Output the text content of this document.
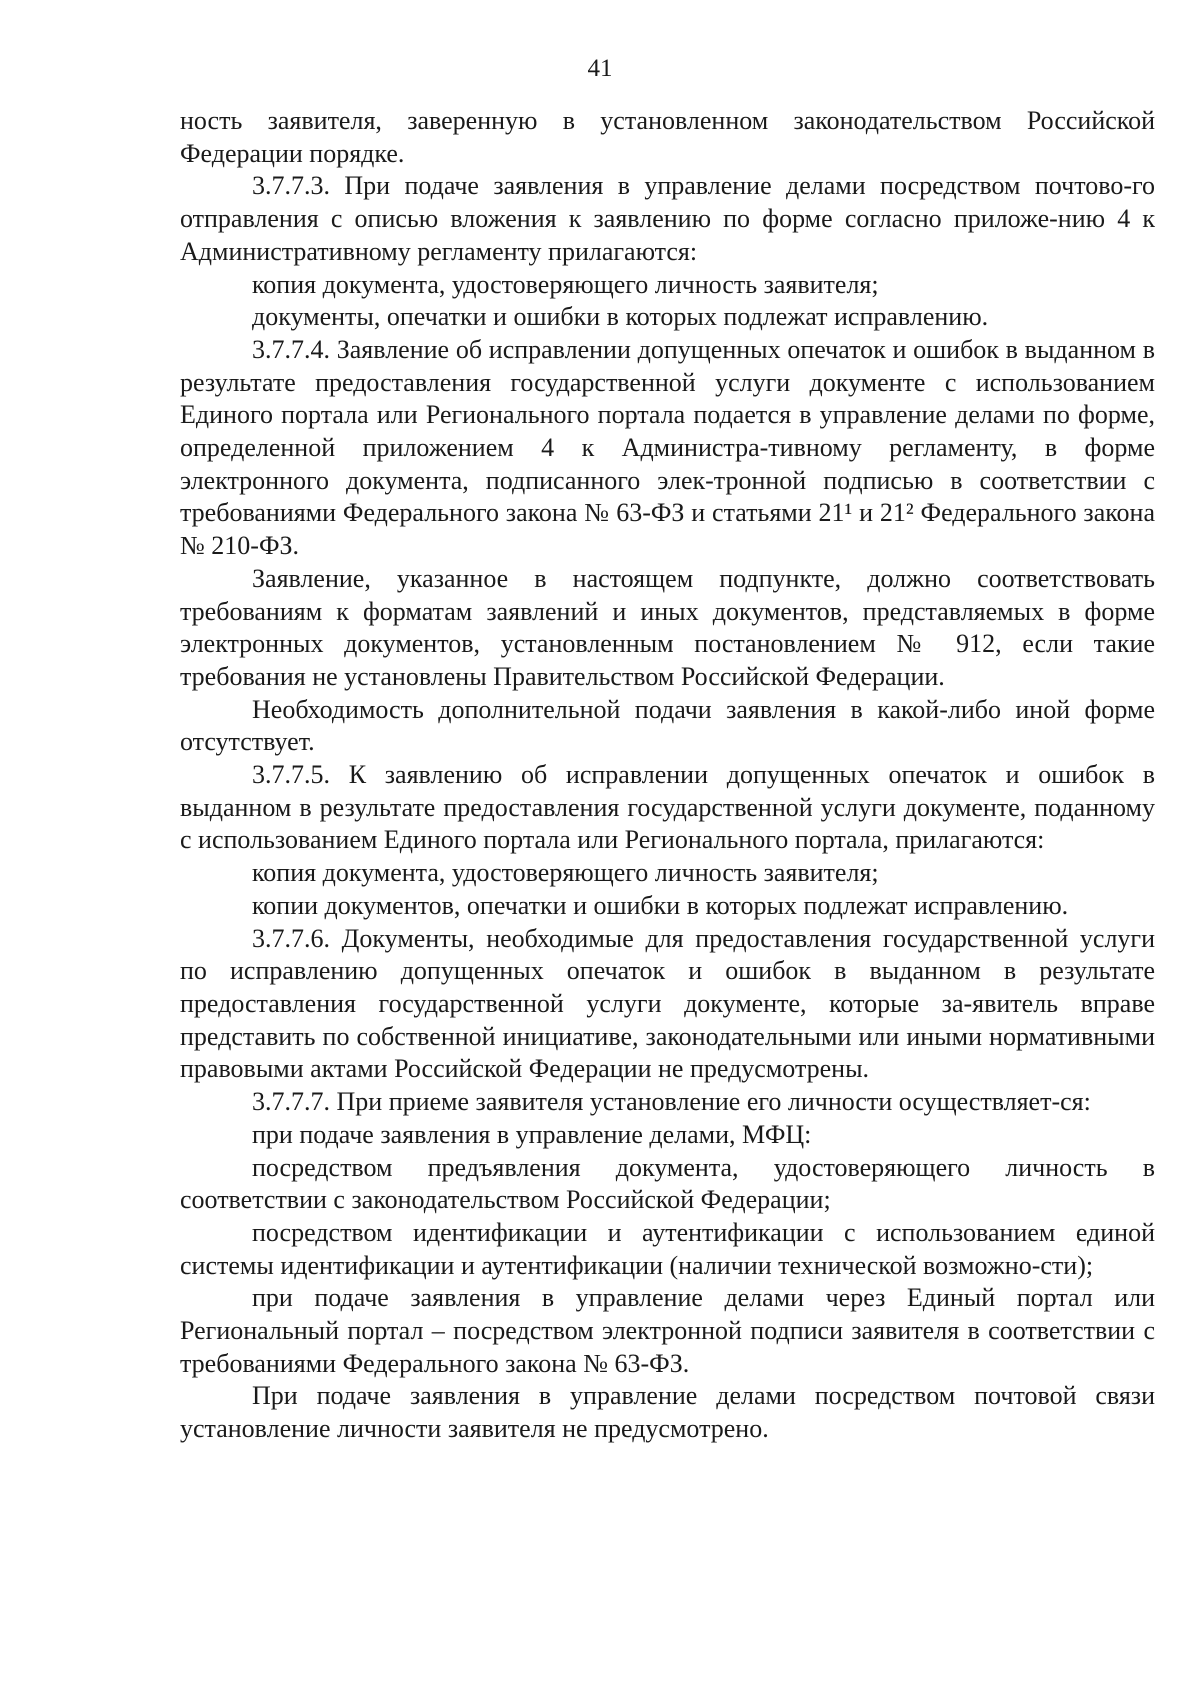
41

ность заявителя, заверенную в установленном законодательством Российской Федерации порядке.

3.7.7.3. При подаче заявления в управление делами посредством почтово-го отправления с описью вложения к заявлению по форме согласно приложе-нию 4 к Административному регламенту прилагаются:

копия документа, удостоверяющего личность заявителя;

документы, опечатки и ошибки в которых подлежат исправлению.

3.7.7.4. Заявление об исправлении допущенных опечаток и ошибок в выданном в результате предоставления государственной услуги документе с использованием Единого портала или Регионального портала подается в управление делами по форме, определенной приложением 4 к Администра-тивному регламенту, в форме электронного документа, подписанного элек-тронной подписью в соответствии с требованиями Федерального закона № 63-ФЗ и статьями 21¹ и 21² Федерального закона № 210-ФЗ.

Заявление, указанное в настоящем подпункте, должно соответствовать требованиям к форматам заявлений и иных документов, представляемых в форме электронных документов, установленным постановлением № 912, если такие требования не установлены Правительством Российской Федерации.

Необходимость дополнительной подачи заявления в какой-либо иной форме отсутствует.

3.7.7.5. К заявлению об исправлении допущенных опечаток и ошибок в выданном в результате предоставления государственной услуги документе, поданному с использованием Единого портала или Регионального портала, прилагаются:

копия документа, удостоверяющего личность заявителя;

копии документов, опечатки и ошибки в которых подлежат исправлению.

3.7.7.6. Документы, необходимые для предоставления государственной услуги по исправлению допущенных опечаток и ошибок в выданном в результате предоставления государственной услуги документе, которые за-явитель вправе представить по собственной инициативе, законодательными или иными нормативными правовыми актами Российской Федерации не предусмотрены.

3.7.7.7. При приеме заявителя установление его личности осуществляет-ся:

при подаче заявления в управление делами, МФЦ:

посредством предъявления документа, удостоверяющего личность в соответствии с законодательством Российской Федерации;

посредством идентификации и аутентификации с использованием единой системы идентификации и аутентификации (наличии технической возможно-сти);

при подаче заявления в управление делами через Единый портал или Региональный портал – посредством электронной подписи заявителя в соответствии с требованиями Федерального закона № 63-ФЗ.

При подаче заявления в управление делами посредством почтовой связи установление личности заявителя не предусмотрено.
